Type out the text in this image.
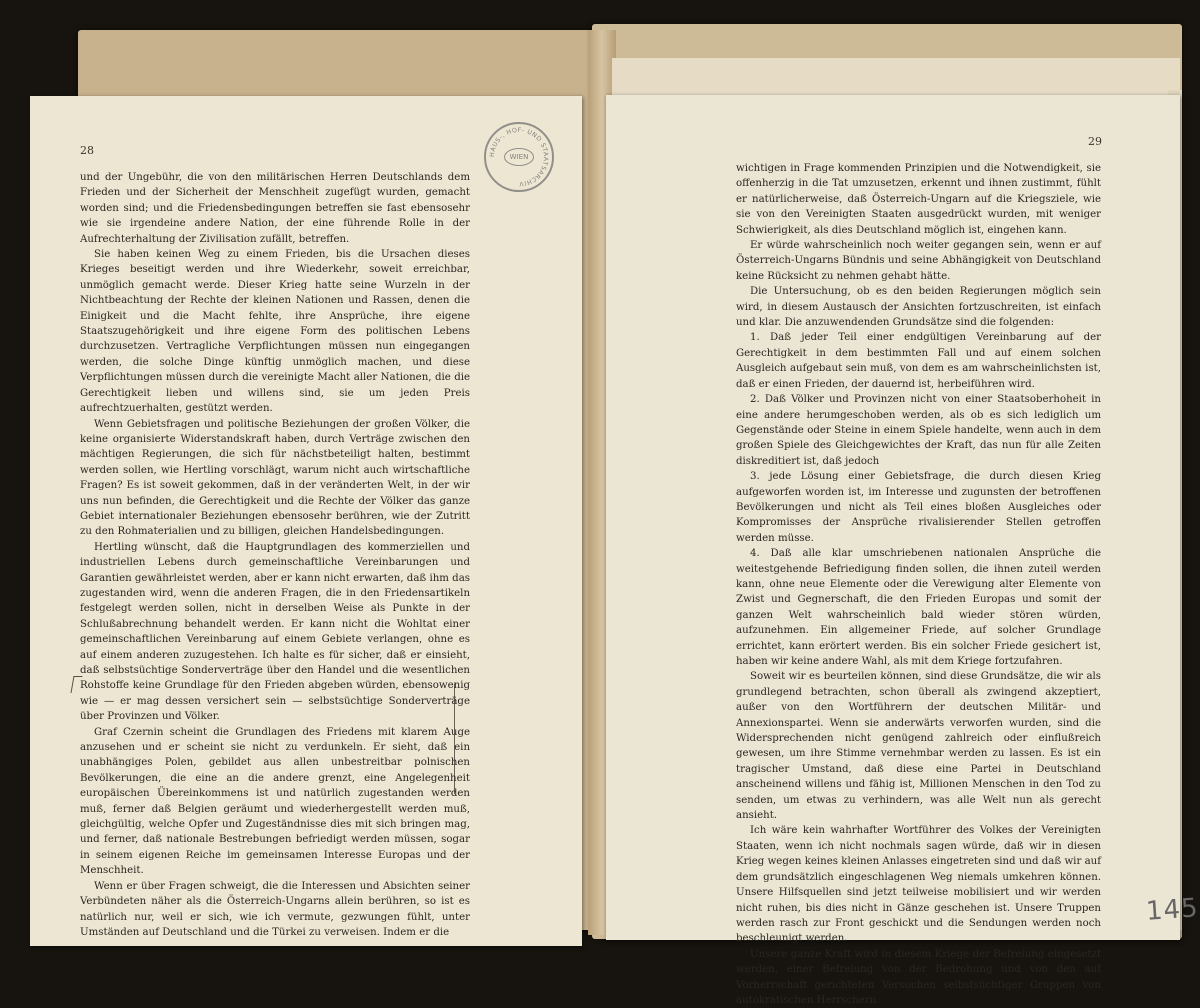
28	HAUS-, HOF- UND STAATSARCHIV
WIEN

und der Ungebühr, die von den militärischen Herren Deutschlands dem Frieden und der Sicherheit der Menschheit zugefügt wurden, gemacht worden sind; und die Friedensbedingungen betreffen sie fast ebensosehr wie sie irgendeine andere Nation, der eine führende Rolle in der Aufrechterhaltung der Zivilisation zufällt, betreffen.

Sie haben keinen Weg zu einem Frieden, bis die Ursachen dieses Krieges beseitigt werden und ihre Wiederkehr, soweit erreichbar, unmöglich gemacht werde. Dieser Krieg hatte seine Wurzeln in der Nichtbeachtung der Rechte der kleinen Nationen und Rassen, denen die Einigkeit und die Macht fehlte, ihre Ansprüche, ihre eigene Staatszugehörigkeit und ihre eigene Form des politischen Lebens durchzusetzen. Vertragliche Verpflichtungen müssen nun eingegangen werden, die solche Dinge künftig unmöglich machen, und diese Verpflichtungen müssen durch die vereinigte Macht aller Nationen, die die Gerechtigkeit lieben und willens sind, sie um jeden Preis aufrechtzuerhalten, gestützt werden.

Wenn Gebietsfragen und politische Beziehungen der großen Völker, die keine organisierte Widerstandskraft haben, durch Verträge zwischen den mächtigen Regierungen, die sich für nächstbeteiligt halten, bestimmt werden sollen, wie Hertling vorschlägt, warum nicht auch wirtschaftliche Fragen? Es ist soweit gekommen, daß in der veränderten Welt, in der wir uns nun befinden, die Gerechtigkeit und die Rechte der Völker das ganze Gebiet internationaler Beziehungen ebensosehr berühren, wie der Zutritt zu den Rohmaterialien und zu billigen, gleichen Handelsbedingungen.

Hertling wünscht, daß die Hauptgrundlagen des kommerziellen und industriellen Lebens durch gemeinschaftliche Vereinbarungen und Garantien gewährleistet werden, aber er kann nicht erwarten, daß ihm das zugestanden wird, wenn die anderen Fragen, die in den Friedensartikeln festgelegt werden sollen, nicht in derselben Weise als Punkte in der Schlußabrechnung behandelt werden. Er kann nicht die Wohltat einer gemeinschaftlichen Vereinbarung auf einem Gebiete verlangen, ohne es auf einem anderen zuzugestehen. Ich halte es für sicher, daß er einsieht, daß selbstsüchtige Sonderverträge über den Handel und die wesentlichen Rohstoffe keine Grundlage für den Frieden abgeben würden, ebensowenig wie — er mag dessen versichert sein — selbstsüchtige Sonderverträge über Provinzen und Völker.

Graf Czernin scheint die Grundlagen des Friedens mit klarem Auge anzusehen und er scheint sie nicht zu verdunkeln. Er sieht, daß ein unabhängiges Polen, gebildet aus allen unbestreitbar polnischen Bevölkerungen, die eine an die andere grenzt, eine Angelegenheit europäischen Übereinkommens ist und natürlich zugestanden werden muß, ferner daß Belgien geräumt und wiederhergestellt werden muß, gleichgültig, welche Opfer und Zugeständnisse dies mit sich bringen mag, und ferner, daß nationale Bestrebungen befriedigt werden müssen, sogar in seinem eigenen Reiche im gemeinsamen Interesse Europas und der Menschheit.

Wenn er über Fragen schweigt, die die Interessen und Absichten seiner Verbündeten näher als die Österreich-Ungarns allein berühren, so ist es natürlich nur, weil er sich, wie ich vermute, gezwungen fühlt, unter Umständen auf Deutschland und die Türkei zu verweisen. Indem er die

29

wichtigen in Frage kommenden Prinzipien und die Notwendigkeit, sie offenherzig in die Tat umzusetzen, erkennt und ihnen zustimmt, fühlt er natürlicherweise, daß Österreich-Ungarn auf die Kriegsziele, wie sie von den Vereinigten Staaten ausgedrückt wurden, mit weniger Schwierigkeit, als dies Deutschland möglich ist, eingehen kann.

Er würde wahrscheinlich noch weiter gegangen sein, wenn er auf Österreich-Ungarns Bündnis und seine Abhängigkeit von Deutschland keine Rücksicht zu nehmen gehabt hätte.

Die Untersuchung, ob es den beiden Regierungen möglich sein wird, in diesem Austausch der Ansichten fortzuschreiten, ist einfach und klar. Die anzuwendenden Grundsätze sind die folgenden:

1. Daß jeder Teil einer endgültigen Vereinbarung auf der Gerechtigkeit in dem bestimmten Fall und auf einem solchen Ausgleich aufgebaut sein muß, von dem es am wahrscheinlichsten ist, daß er einen Frieden, der dauernd ist, herbeiführen wird.

2. Daß Völker und Provinzen nicht von einer Staatsoberhoheit in eine andere herumgeschoben werden, als ob es sich lediglich um Gegenstände oder Steine in einem Spiele handelte, wenn auch in dem großen Spiele des Gleichgewichtes der Kraft, das nun für alle Zeiten diskreditiert ist, daß jedoch

3. jede Lösung einer Gebietsfrage, die durch diesen Krieg aufgeworfen worden ist, im Interesse und zugunsten der betroffenen Bevölkerungen und nicht als Teil eines bloßen Ausgleiches oder Kompromisses der Ansprüche rivalisierender Stellen getroffen werden müsse.

4. Daß alle klar umschriebenen nationalen Ansprüche die weitestgehende Befriedigung finden sollen, die ihnen zuteil werden kann, ohne neue Elemente oder die Verewigung alter Elemente von Zwist und Gegnerschaft, die den Frieden Europas und somit der ganzen Welt wahrscheinlich bald wieder stören würden, aufzunehmen. Ein allgemeiner Friede, auf solcher Grundlage errichtet, kann erörtert werden. Bis ein solcher Friede gesichert ist, haben wir keine andere Wahl, als mit dem Kriege fortzufahren.

Soweit wir es beurteilen können, sind diese Grundsätze, die wir als grundlegend betrachten, schon überall als zwingend akzeptiert, außer von den Wortführern der deutschen Militär- und Annexionspartei. Wenn sie anderwärts verworfen wurden, sind die Widersprechenden nicht genügend zahlreich oder einflußreich gewesen, um ihre Stimme vernehmbar werden zu lassen. Es ist ein tragischer Umstand, daß diese eine Partei in Deutschland anscheinend willens und fähig ist, Millionen Menschen in den Tod zu senden, um etwas zu verhindern, was alle Welt nun als gerecht ansieht.

Ich wäre kein wahrhafter Wortführer des Volkes der Vereinigten Staaten, wenn ich nicht nochmals sagen würde, daß wir in diesen Krieg wegen keines kleinen Anlasses eingetreten sind und daß wir auf dem grundsätzlich eingeschlagenen Weg niemals umkehren können. Unsere Hilfsquellen sind jetzt teilweise mobilisiert und wir werden nicht ruhen, bis dies nicht in Gänze geschehen ist. Unsere Truppen werden rasch zur Front geschickt und die Sendungen werden noch beschleunigt werden.

Unsere ganze Kraft wird in diesem Kriege der Befreiung eingesetzt werden, einer Befreiung von der Bedrohung und von den auf Vorherrschaft gerichteten Versuchen selbstsüchtiger Gruppen von autokratischen Herrschern.

145
